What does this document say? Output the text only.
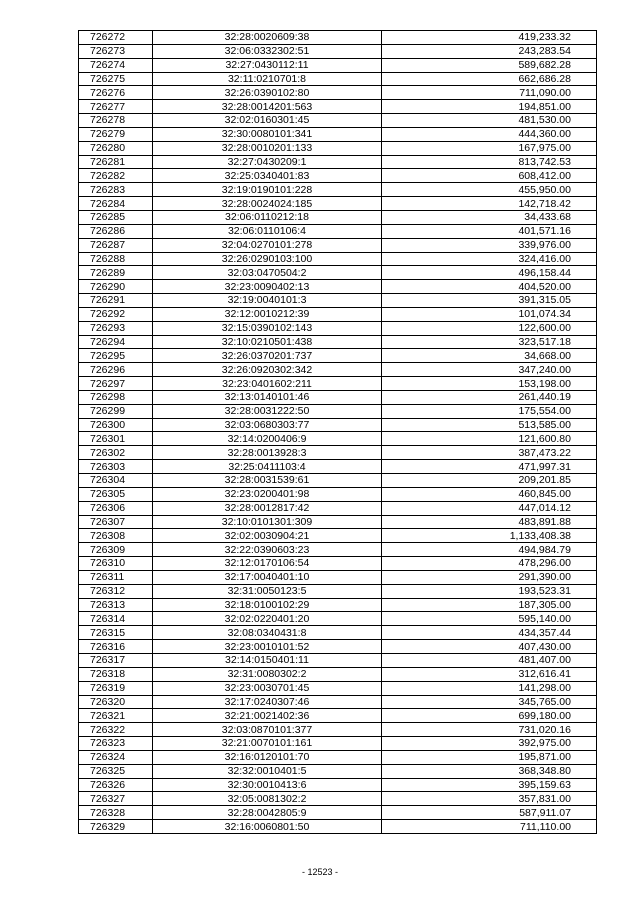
726272	32:28:0020609:38	419,233.32
726273	32:06:0332302:51	243,283.54
726274	32:27:0430112:11	589,682.28
726275	32:11:0210701:8	662,686.28
726276	32:26:0390102:80	711,090.00
726277	32:28:0014201:563	194,851.00
726278	32:02:0160301:45	481,530.00
726279	32:30:0080101:341	444,360.00
726280	32:28:0010201:133	167,975.00
726281	32:27:0430209:1	813,742.53
726282	32:25:0340401:83	608,412.00
726283	32:19:0190101:228	455,950.00
726284	32:28:0024024:185	142,718.42
726285	32:06:0110212:18	34,433.68
726286	32:06:0110106:4	401,571.16
726287	32:04:0270101:278	339,976.00
726288	32:26:0290103:100	324,416.00
726289	32:03:0470504:2	496,158.44
726290	32:23:0090402:13	404,520.00
726291	32:19:0040101:3	391,315.05
726292	32:12:0010212:39	101,074.34
726293	32:15:0390102:143	122,600.00
726294	32:10:0210501:438	323,517.18
726295	32:26:0370201:737	34,668.00
726296	32:26:0920302:342	347,240.00
726297	32:23:0401602:211	153,198.00
726298	32:13:0140101:46	261,440.19
726299	32:28:0031222:50	175,554.00
726300	32:03:0680303:77	513,585.00
726301	32:14:0200406:9	121,600.80
726302	32:28:0013928:3	387,473.22
726303	32:25:0411103:4	471,997.31
726304	32:28:0031539:61	209,201.85
726305	32:23:0200401:98	460,845.00
726306	32:28:0012817:42	447,014.12
726307	32:10:0101301:309	483,891.88
726308	32:02:0030904:21	1,133,408.38
726309	32:22:0390603:23	494,984.79
726310	32:12:0170106:54	478,296.00
726311	32:17:0040401:10	291,390.00
726312	32:31:0050123:5	193,523.31
726313	32:18:0100102:29	187,305.00
726314	32:02:0220401:20	595,140.00
726315	32:08:0340431:8	434,357.44
726316	32:23:0010101:52	407,430.00
726317	32:14:0150401:11	481,407.00
726318	32:31:0080302:2	312,616.41
726319	32:23:0030701:45	141,298.00
726320	32:17:0240307:46	345,765.00
726321	32:21:0021402:36	699,180.00
726322	32:03:0870101:377	731,020.16
726323	32:21:0070101:161	392,975.00
726324	32:16:0120101:70	195,871.00
726325	32:32:0010401:5	368,348.80
726326	32:30:0010413:6	395,159.63
726327	32:05:0081302:2	357,831.00
726328	32:28:0042805:9	587,911.07
726329	32:16:0060801:50	711,110.00
- 12523 -
